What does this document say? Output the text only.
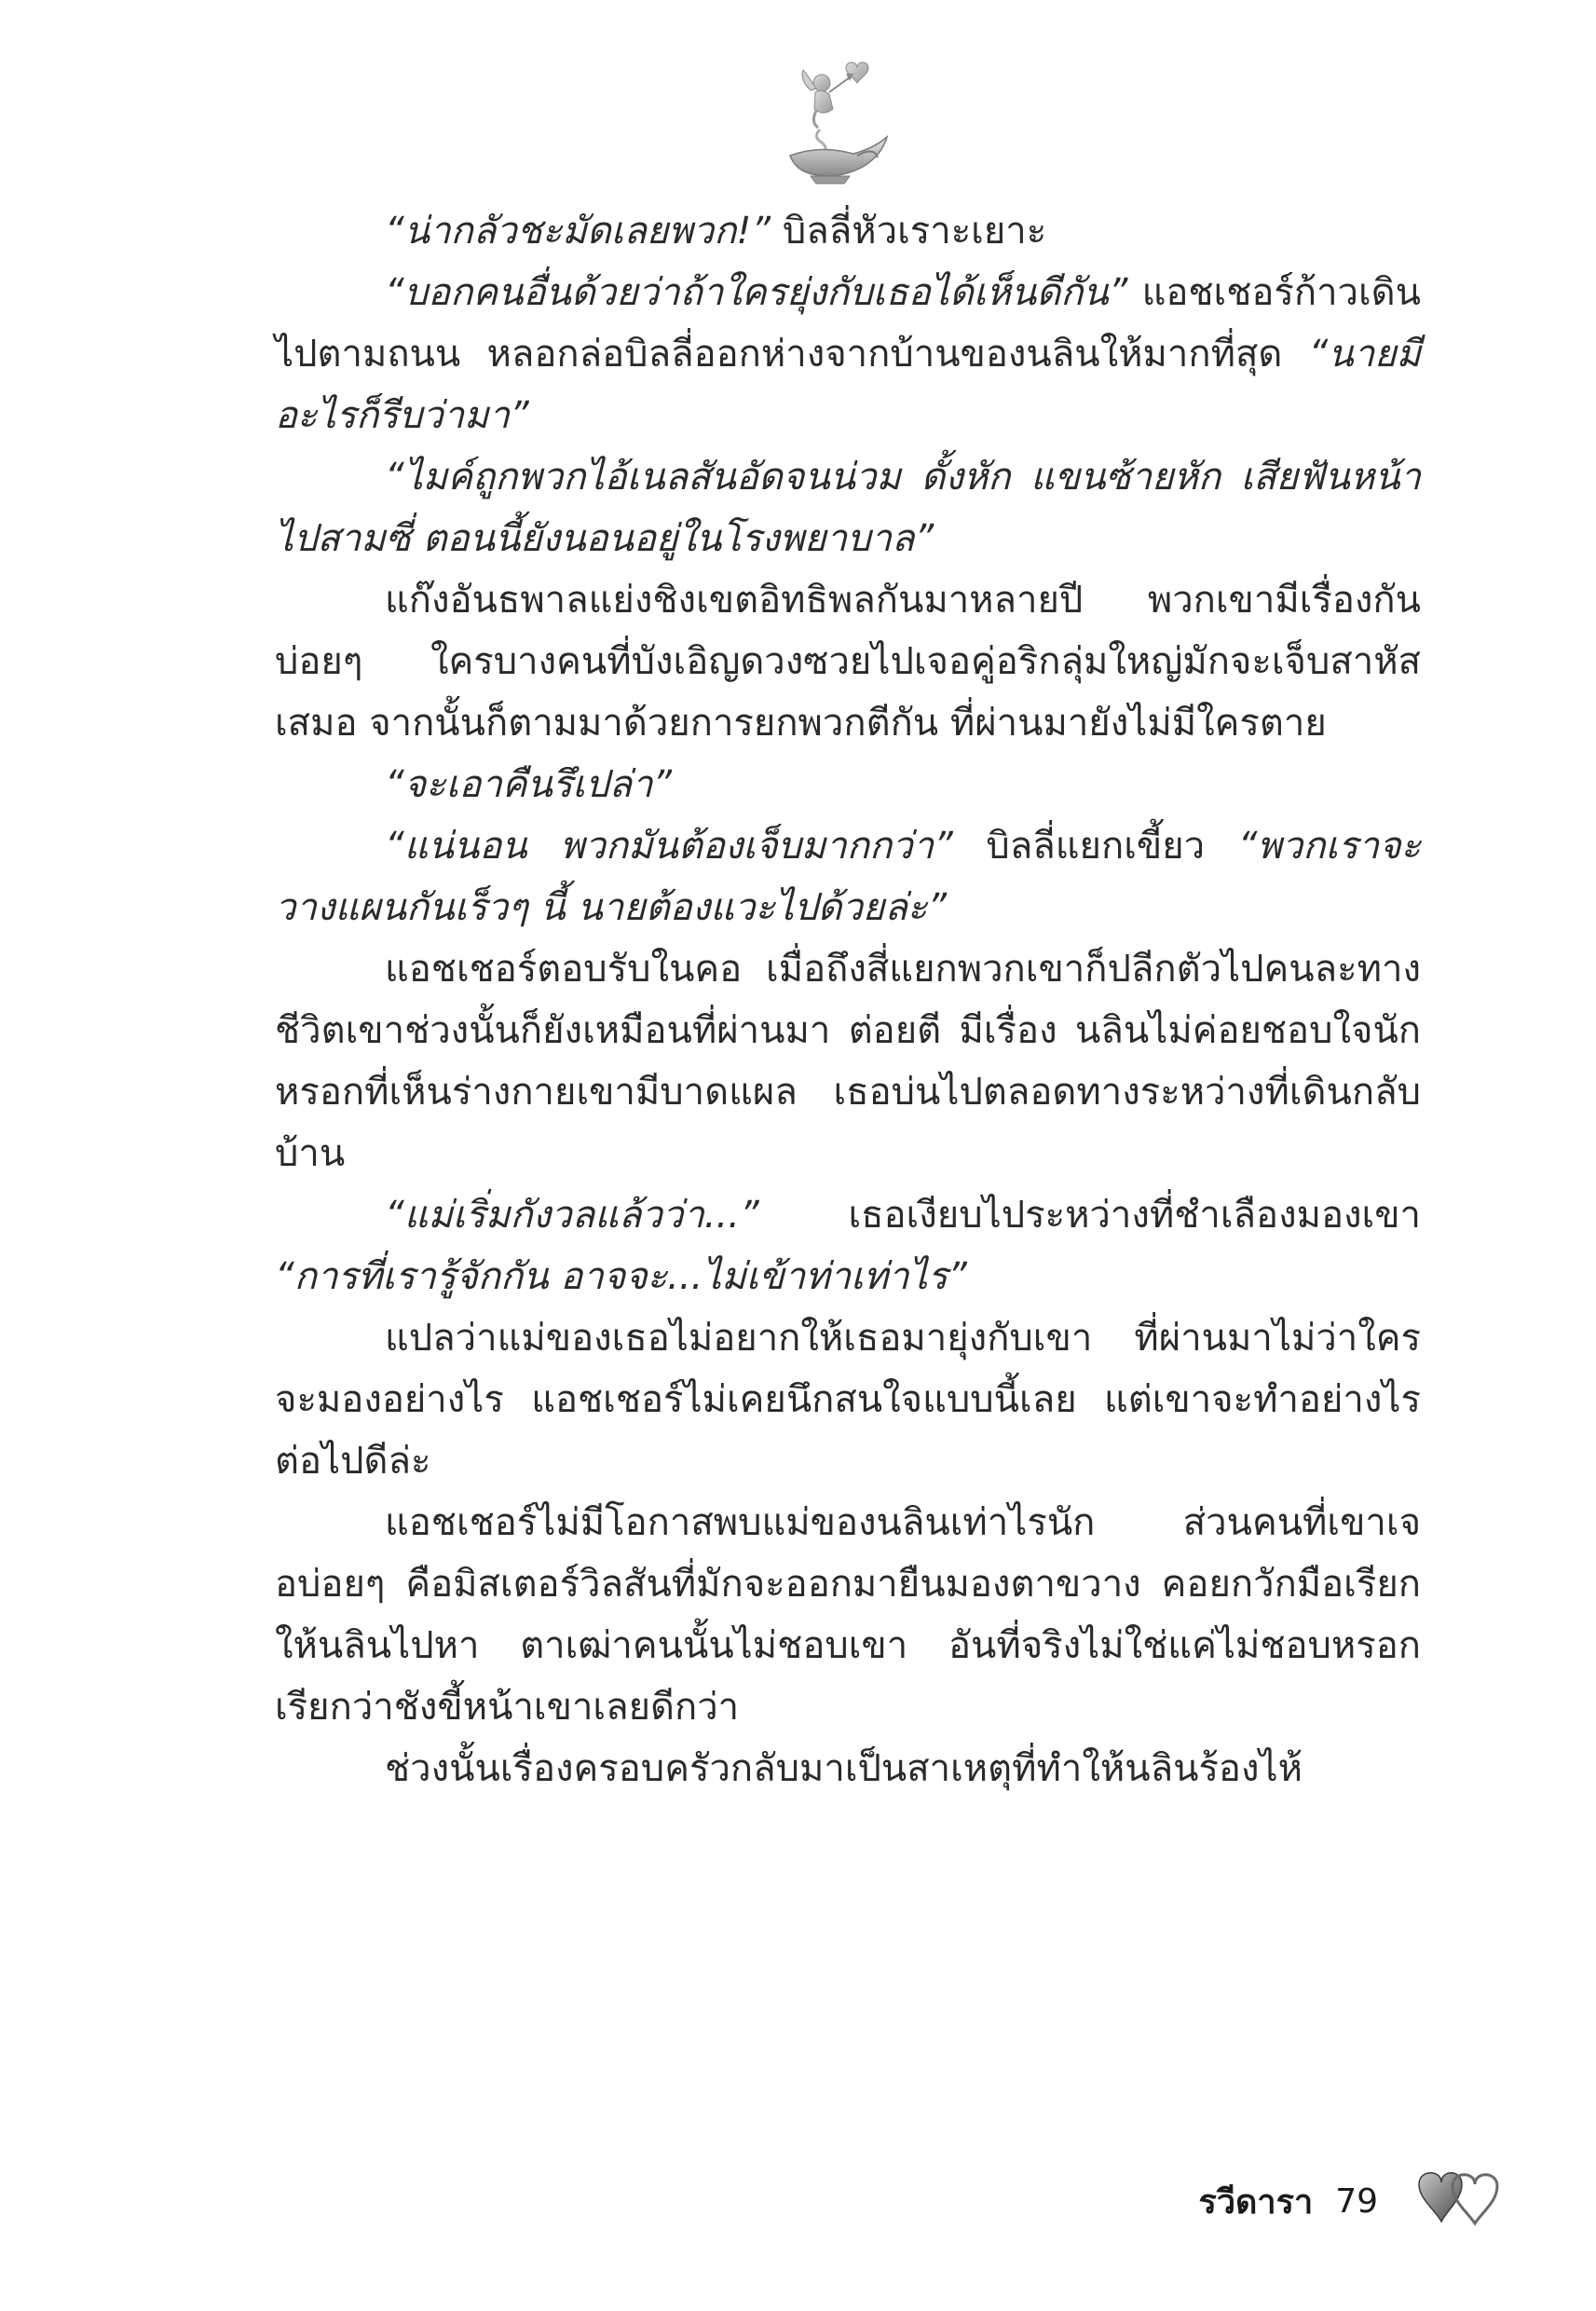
“น่ากลัวชะมัดเลยพวก!” บิลลี่หัวเราะเยาะ

“บอกคนอื่นด้วยว่าถ้าใครยุ่งกับเธอได้เห็นดีกัน” แอชเชอร์ก้าวเดินไปตามถนน หลอกล่อบิลลี่ออกห่างจากบ้านของนลินให้มากที่สุด “นายมีอะไรก็รีบว่ามา”

“ไมค์ถูกพวกไอ้เนลสันอัดจนน่วม ดั้งหัก แขนซ้ายหัก เสียฟันหน้าไปสามซี่ ตอนนี้ยังนอนอยู่ในโรงพยาบาล”

แก๊งอันธพาลแย่งชิงเขตอิทธิพลกันมาหลายปี พวกเขามีเรื่องกันบ่อยๆ ใครบางคนที่บังเอิญดวงซวยไปเจอคู่อริกลุ่มใหญ่มักจะเจ็บสาหัสเสมอ จากนั้นก็ตามมาด้วยการยกพวกตีกัน ที่ผ่านมายังไม่มีใครตาย

“จะเอาคืนรึเปล่า”

“แน่นอน พวกมันต้องเจ็บมากกว่า” บิลลี่แยกเขี้ยว “พวกเราจะวางแผนกันเร็วๆ นี้ นายต้องแวะไปด้วยล่ะ”

แอชเชอร์ตอบรับในคอ เมื่อถึงสี่แยกพวกเขาก็ปลีกตัวไปคนละทาง ชีวิตเขาช่วงนั้นก็ยังเหมือนที่ผ่านมา ต่อยตี มีเรื่อง นลินไม่ค่อยชอบใจนักหรอกที่เห็นร่างกายเขามีบาดแผล เธอบ่นไปตลอดทางระหว่างที่เดินกลับบ้าน

“แม่เริ่มกังวลแล้วว่า...” เธอเงียบไประหว่างที่ชำเลืองมองเขา “การที่เรารู้จักกัน อาจจะ...ไม่เข้าท่าเท่าไร”

แปลว่าแม่ของเธอไม่อยากให้เธอมายุ่งกับเขา ที่ผ่านมาไม่ว่าใครจะมองอย่างไร แอชเชอร์ไม่เคยนึกสนใจแบบนี้เลย แต่เขาจะทำอย่างไรต่อไปดีล่ะ

แอชเชอร์ไม่มีโอกาสพบแม่ของนลินเท่าไรนัก ส่วนคนที่เขาเจอบ่อยๆ คือมิสเตอร์วิลสันที่มักจะออกมายืนมองตาขวาง คอยกวักมือเรียกให้นลินไปหา ตาเฒ่าคนนั้นไม่ชอบเขา อันที่จริงไม่ใช่แค่ไม่ชอบหรอก เรียกว่าชังขี้หน้าเขาเลยดีกว่า

ช่วงนั้นเรื่องครอบครัวกลับมาเป็นสาเหตุที่ทำให้นลินร้องไห้

รวีดารา 79
